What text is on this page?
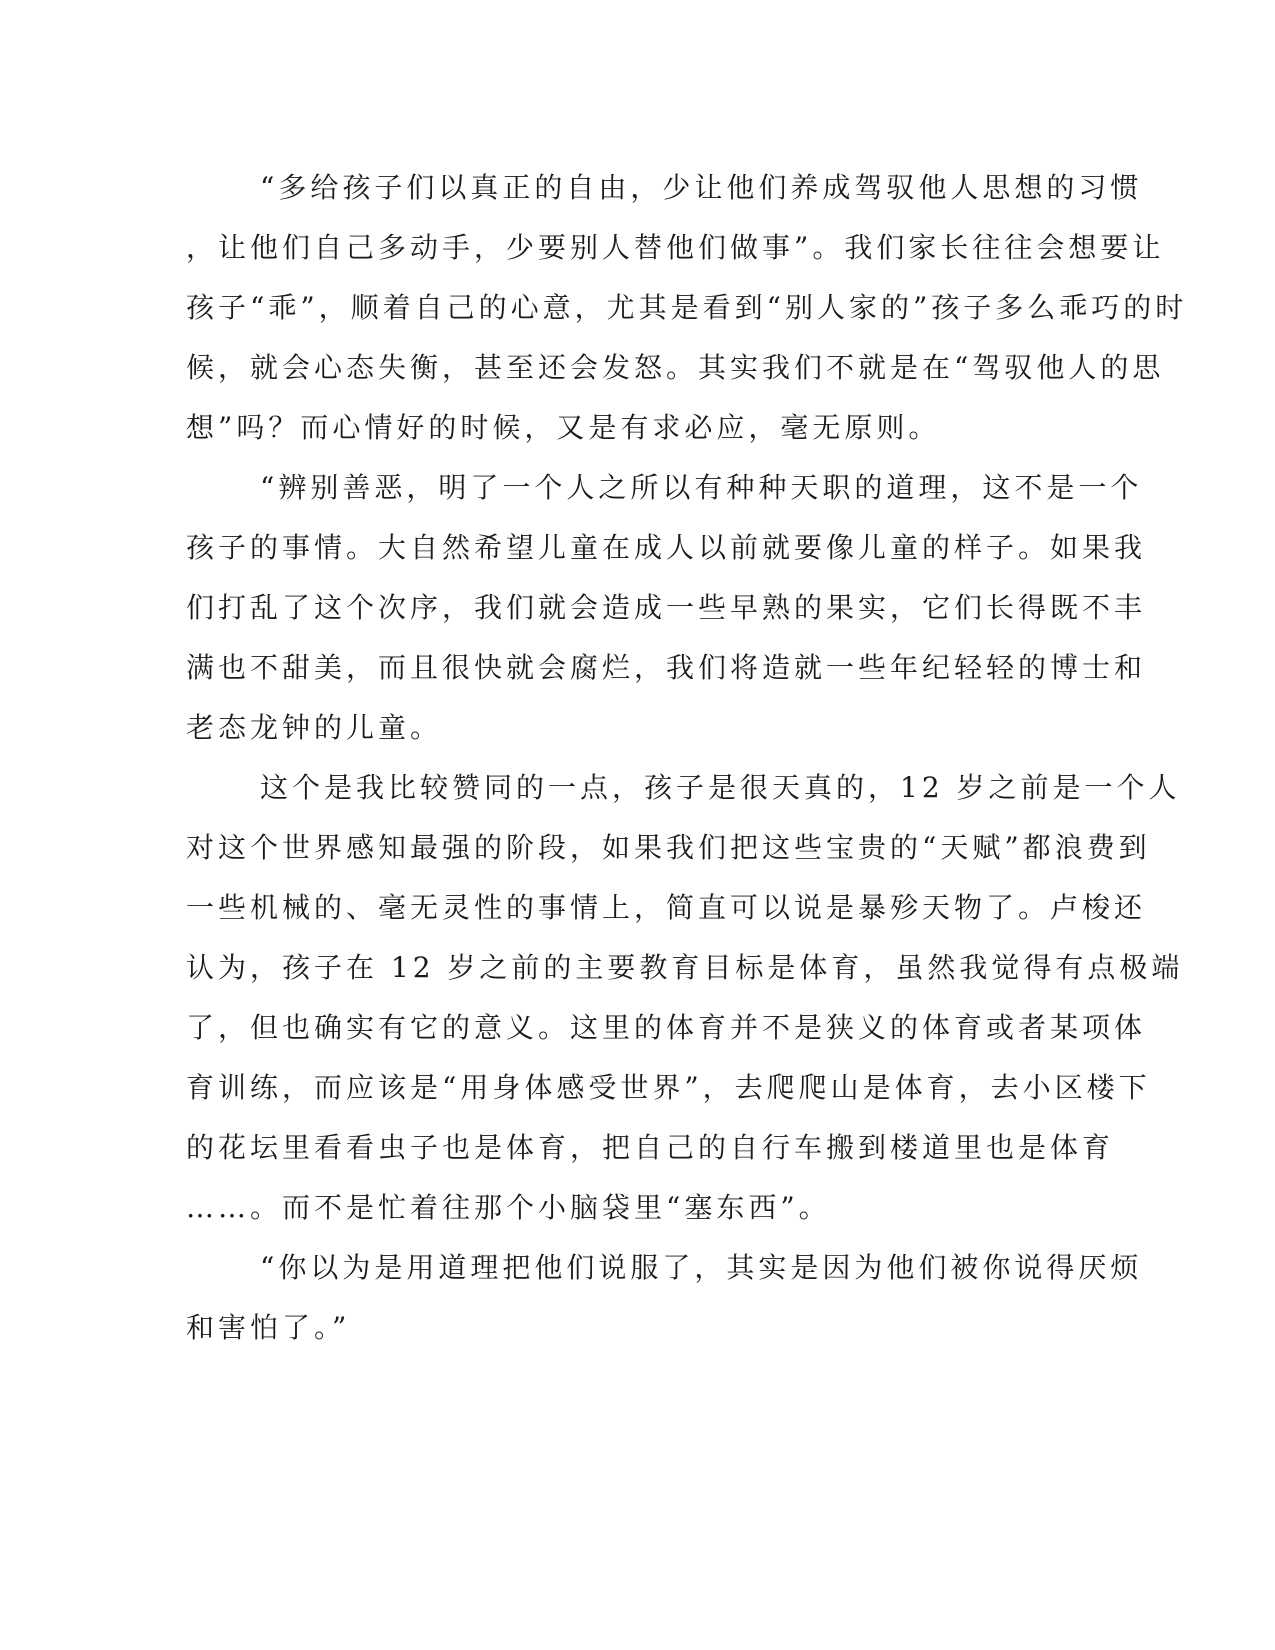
“多给孩子们以真正的自由，少让他们养成驾驭他人思想的习惯
，让他们自己多动手，少要别人替他们做事”。我们家长往往会想要让
孩子“乖”，顺着自己的心意，尤其是看到“别人家的”孩子多么乖巧的时
候，就会心态失衡，甚至还会发怒。其实我们不就是在“驾驭他人的思
想”吗？而心情好的时候，又是有求必应，毫无原则。
“辨别善恶，明了一个人之所以有种种天职的道理，这不是一个
孩子的事情。大自然希望儿童在成人以前就要像儿童的样子。如果我
们打乱了这个次序，我们就会造成一些早熟的果实，它们长得既不丰
满也不甜美，而且很快就会腐烂，我们将造就一些年纪轻轻的博士和
老态龙钟的儿童。
这个是我比较赞同的一点，孩子是很天真的，12 岁之前是一个人
对这个世界感知最强的阶段，如果我们把这些宝贵的“天赋”都浪费到
一些机械的、毫无灵性的事情上，简直可以说是暴殄天物了。卢梭还
认为，孩子在 12 岁之前的主要教育目标是体育，虽然我觉得有点极端
了，但也确实有它的意义。这里的体育并不是狭义的体育或者某项体
育训练，而应该是“用身体感受世界”，去爬爬山是体育，去小区楼下
的花坛里看看虫子也是体育，把自己的自行车搬到楼道里也是体育
……。而不是忙着往那个小脑袋里“塞东西”。
“你以为是用道理把他们说服了，其实是因为他们被你说得厌烦
和害怕了。”
